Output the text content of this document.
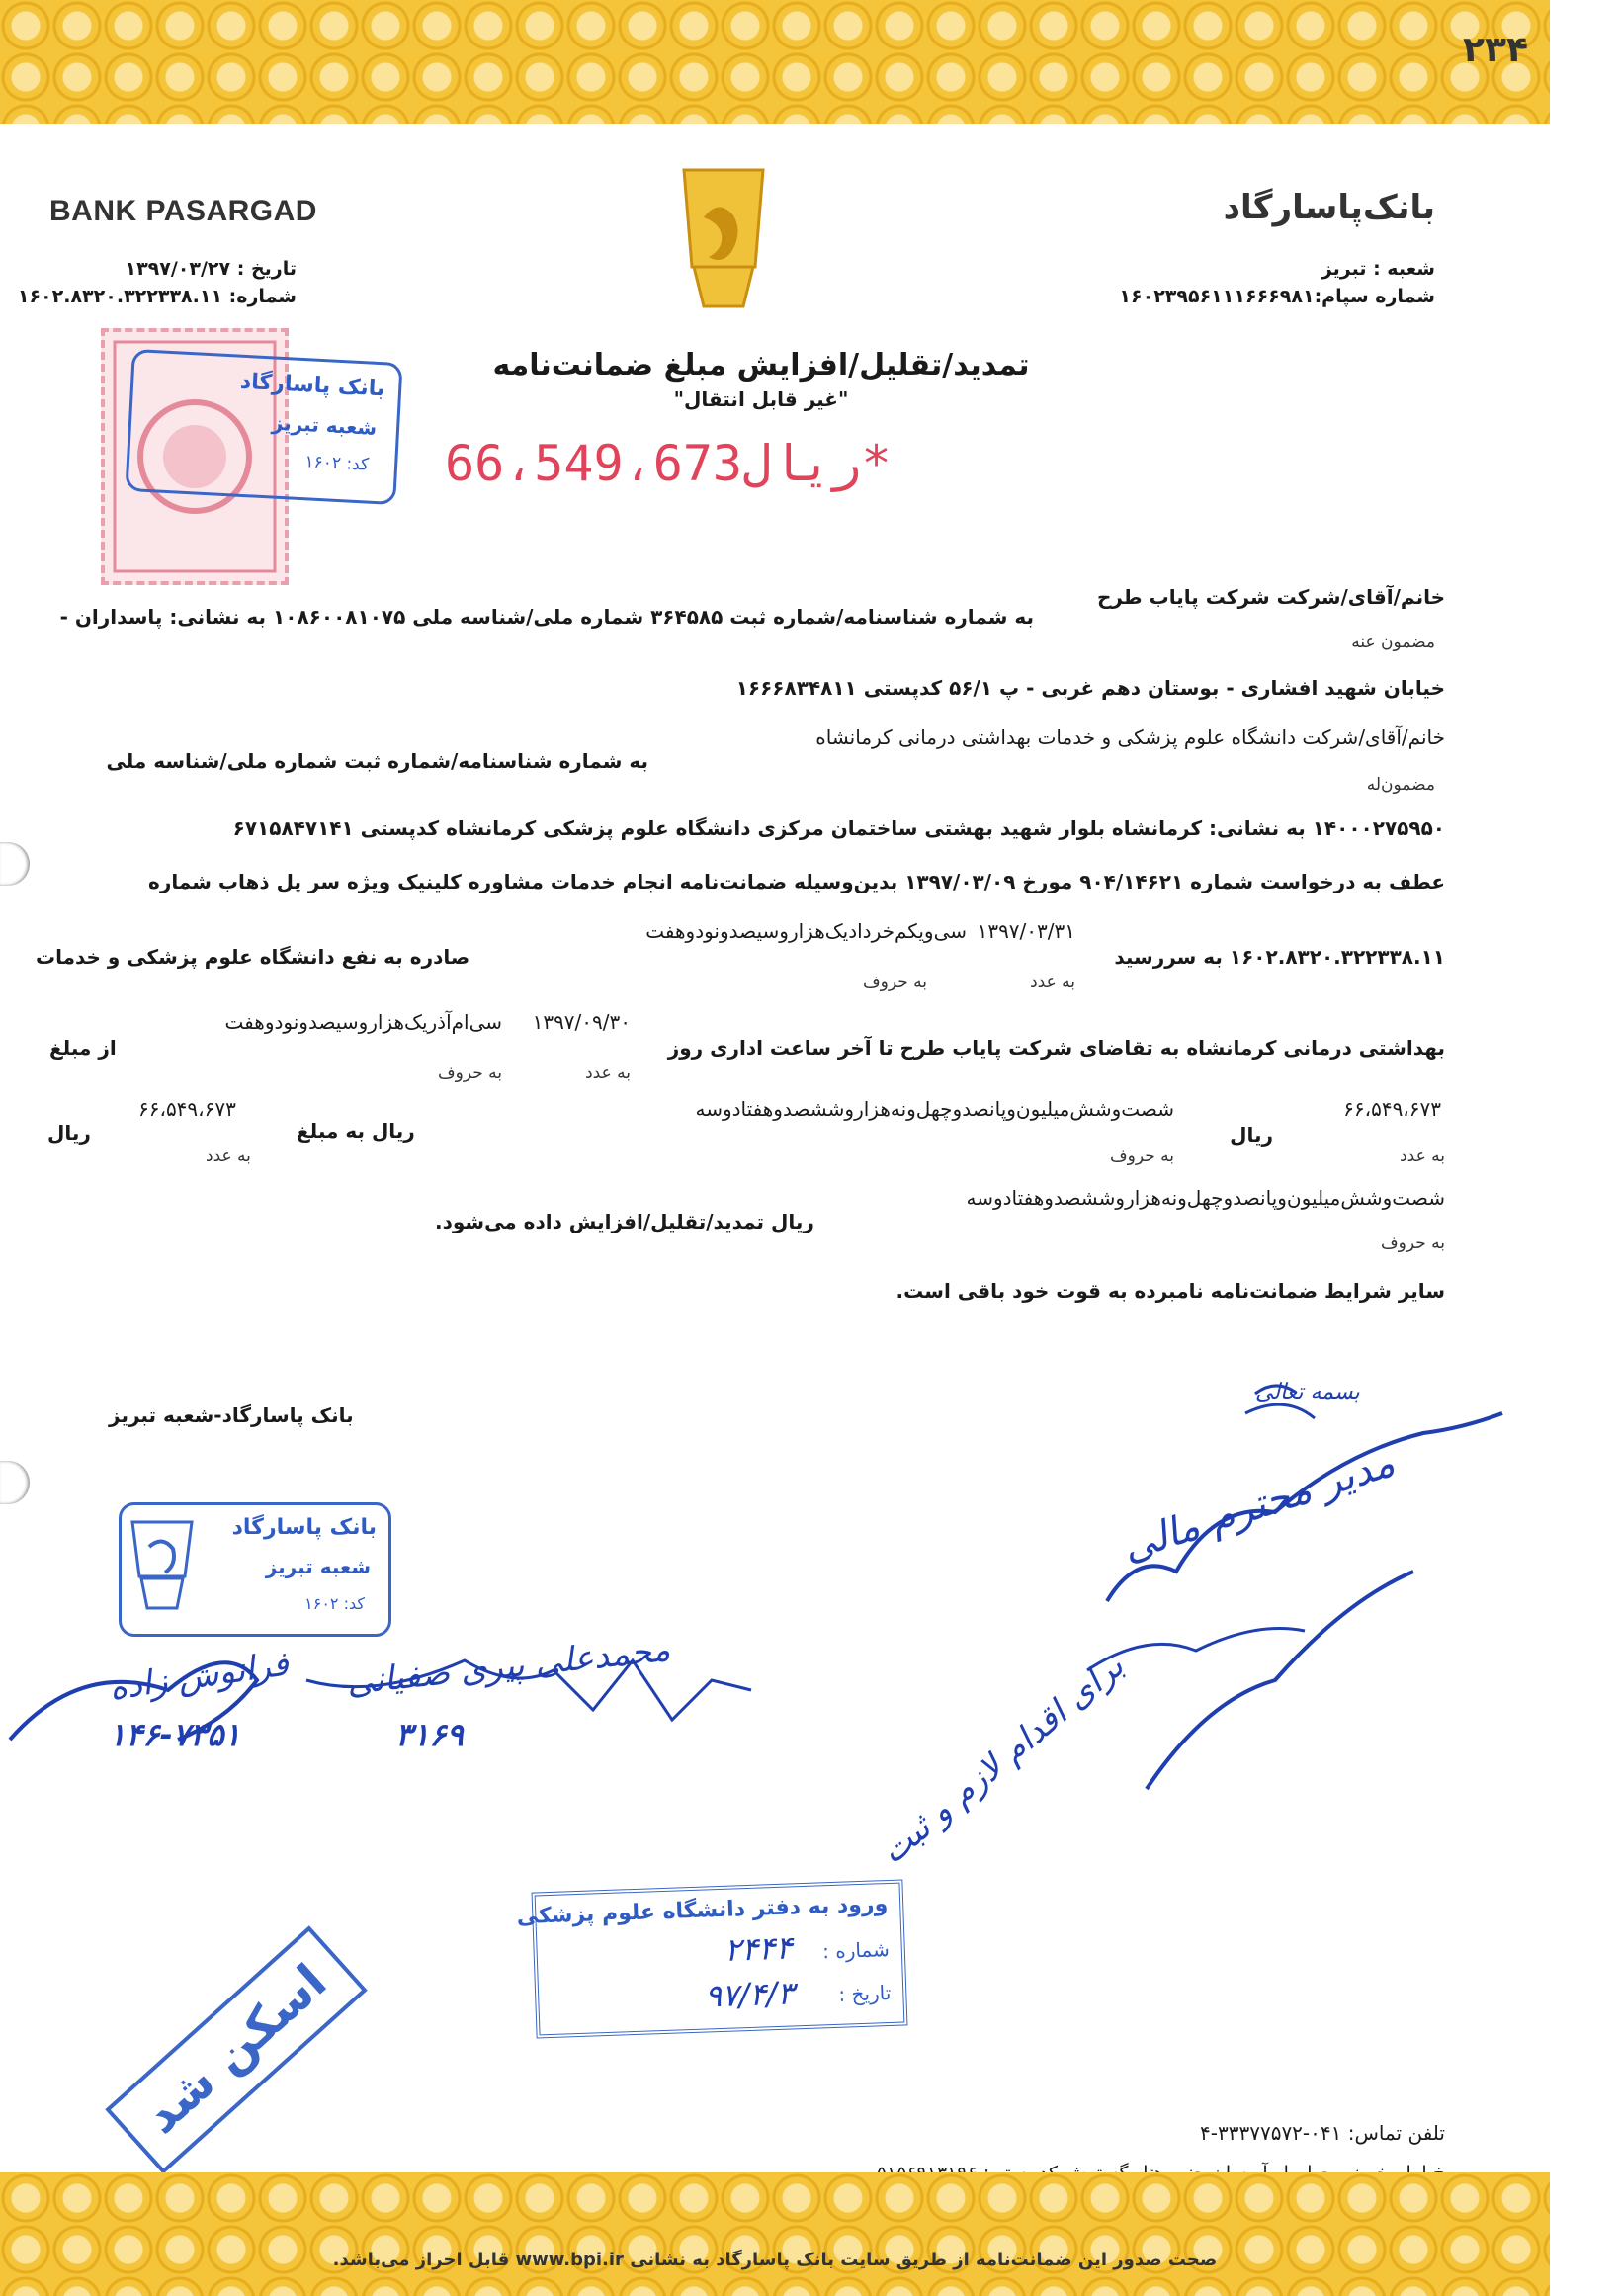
۲۳۴
BANK PASARGAD	بانک‌پاسارگاد
شعبه : تبریز
شماره سپام:۱۶۰۲۳۹۵۶۱۱۱۶۶۶۹۸۱
تاریخ : ۱۳۹۷/۰۳/۲۷
شماره: ۱۶۰۲.۸۳۲۰.۳۲۲۳۳۸.۱۱
بانک پاسارگاد
شعبه تبریز
کد: ۱۶۰۲
تمدید/تقلیل/افزایش مبلغ ضمانت‌نامه
"غیر قابل انتقال"
ریال66،549،673*
خانم/آقای/شرکت شرکت پایاب طرح
به شماره شناسنامه/شماره ثبت ۳۶۴۵۸۵ شماره ملی/شناسه ملی ۱۰۸۶۰۰۸۱۰۷۵ به نشانی: پاسداران -
مضمون عنه
خیابان شهید افشاری - بوستان دهم غربی - پ ۵۶/۱ کدپستی ۱۶۶۶۸۳۴۸۱۱
خانم/آقای/شرکت دانشگاه علوم پزشکی و خدمات بهداشتی درمانی کرمانشاه
به شماره شناسنامه/شماره ثبت شماره ملی/شناسه ملی
مضمون‌له
۱۴۰۰۰۲۷۵۹۵۰ به نشانی: کرمانشاه بلوار شهید بهشتی ساختمان مرکزی دانشگاه علوم پزشکی کرمانشاه کدپستی ۶۷۱۵۸۴۷۱۴۱
عطف به درخواست شماره ۹۰۴/۱۴۶۲۱ مورخ ۱۳۹۷/۰۳/۰۹ بدین‌وسیله ضمانت‌نامه انجام خدمات مشاوره کلینیک ویژه سر پل ذهاب شماره
۱۶۰۲.۸۳۲۰.۳۲۲۳۳۸.۱۱ به سررسید
۱۳۹۷/۰۳/۳۱
سی‌ویکم‌خردادیک‌هزاروسیصدونودوهفت
صادره به نفع دانشگاه علوم پزشکی و خدمات
به عدد
به حروف
بهداشتی درمانی کرمانشاه به تقاضای شرکت پایاب طرح تا آخر ساعت اداری روز
۱۳۹۷/۰۹/۳۰
سی‌ام‌آذریک‌هزاروسیصدونودوهفت
از مبلغ
به عدد
به حروف
۶۶،۵۴۹،۶۷۳
ریال
شصت‌وشش‌میلیون‌وپانصدوچهل‌ونه‌هزاروششصدوهفتادوسه
ریال به مبلغ
۶۶،۵۴۹،۶۷۳
ریال
به عدد
به حروف
به عدد
شصت‌وشش‌میلیون‌وپانصدوچهل‌ونه‌هزاروششصدوهفتادوسه
ریال تمدید/تقلیل/افزایش داده می‌شود.
به حروف
سایر شرایط ضمانت‌نامه نامبرده به قوت خود باقی است.
بانک پاسارگاد-شعبه تبریز
بسمه تعالی
مدیر محترم مالی
برای اقدام لازم و ثبت
بانک پاسارگاد
شعبه تبریز
کد: ۱۶۰۲
فرانوش زاده
۱۴۶-۷۳۵۱
محمدعلی پیری صفیانی
۳۱۶۹
ورود به دفتر دانشگاه علوم پزشکی
شماره :
۲۴۴۴
تاریخ :
۹۷/۴/۳
اسکن شد	تلفن تماس: ۰۴۱-۳۳۳۷۷۵۷۲-۴
صحت صدور این ضمانت‌نامه از طریق سایت بانک پاسارگاد به نشانی www.bpi.ir قابل احراز می‌باشد.
